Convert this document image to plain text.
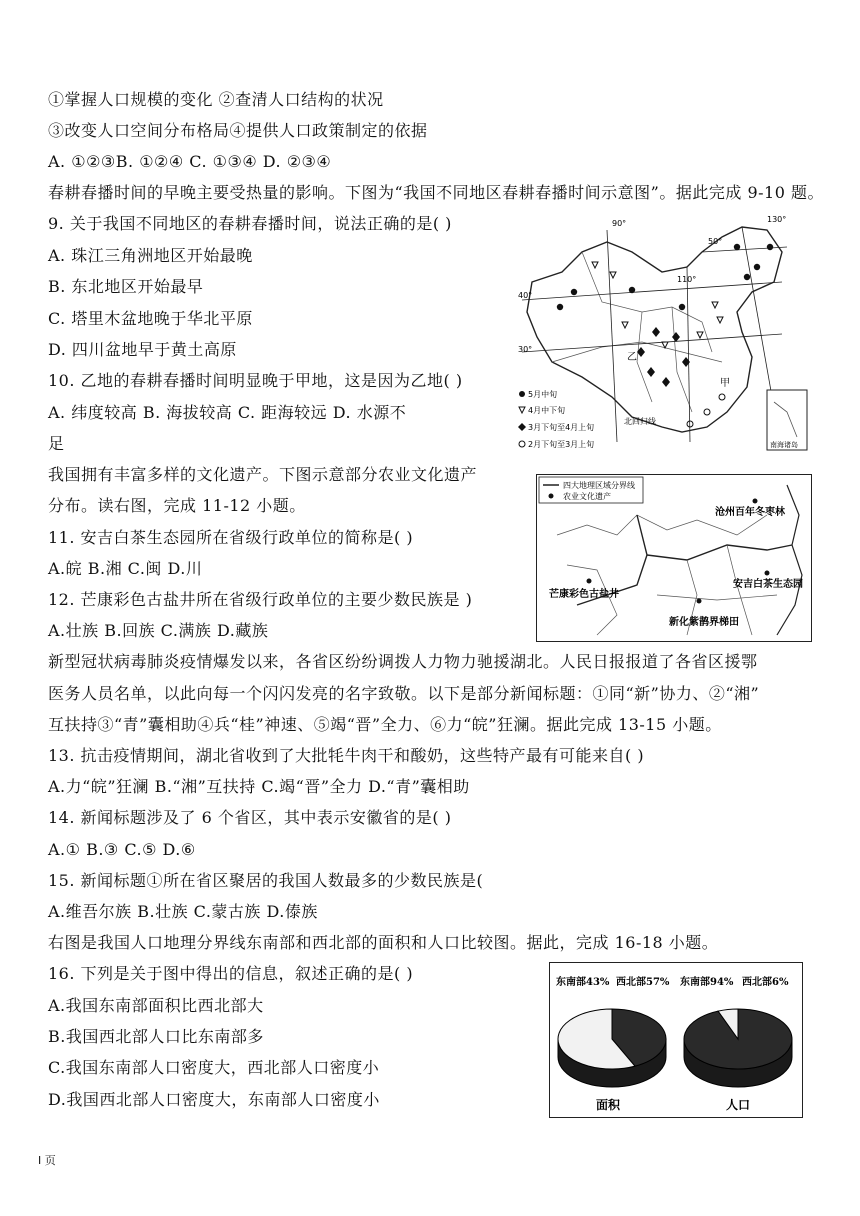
①掌握人口规模的变化 ②查清人口结构的状况
③改变人口空间分布格局④提供人口政策制定的依据
A. ①②③B. ①②④ C. ①③④ D. ②③④
春耕春播时间的早晚主要受热量的影响。下图为“我国不同地区春耕春播时间示意图”。据此完成 9-10 题。
9. 关于我国不同地区的春耕春播时间，说法正确的是( )
A. 珠江三角洲地区开始最晚
B. 东北地区开始最早
C. 塔里木盆地晚于华北平原
D. 四川盆地早于黄土高原
10. 乙地的春耕春播时间明显晚于甲地，这是因为乙地( )
A. 纬度较高 B. 海拔较高 C. 距海较远 D. 水源不
足
我国拥有丰富多样的文化遗产。下图示意部分农业文化遗产
分布。读右图，完成 11-12 小题。
11. 安吉白茶生态园所在省级行政单位的简称是( )
A.皖 B.湘 C.闽 D.川
12. 芒康彩色古盐井所在省级行政单位的主要少数民族是 )
A.壮族 B.回族 C.满族 D.藏族
新型冠状病毒肺炎疫情爆发以来，各省区纷纷调拨人力物力驰援湖北。人民日报报道了各省区援鄂
医务人员名单，以此向每一个闪闪发亮的名字致敬。以下是部分新闻标题：①同“新”协力、②“湘”
互扶持③“青”囊相助④兵“桂”神速、⑤竭“晋”全力、⑥力“皖”狂澜。据此完成 13-15 小题。
13. 抗击疫情期间，湖北省收到了大批牦牛肉干和酸奶，这些特产最有可能来自( )
A.力“皖”狂澜 B.“湘”互扶持 C.竭“晋”全力 D.“青”囊相助
14. 新闻标题涉及了 6 个省区，其中表示安徽省的是( )
A.① B.③ C.⑤ D.⑥
15. 新闻标题①所在省区聚居的我国人数最多的少数民族是(
A.维吾尔族 B.壮族 C.蒙古族 D.傣族
右图是我国人口地理分界线东南部和西北部的面积和人口比较图。据此，完成 16-18 小题。
16. 下列是关于图中得出的信息，叙述正确的是( )
A.我国东南部面积比西北部大
B.我国西北部人口比东南部多
C.我国东南部人口密度大，西北部人口密度小
D.我国西北部人口密度大，东南部人口密度小
90°
110°
130°
40°
30°
50°
乙
甲
北回归线
5月中旬
4月中下旬
3月下旬至4月上旬
2月下旬至3月上旬	南海诸岛
四大地理区域分界线
农业文化遗产
沧州百年冬枣林
芒康彩色古盐井
安吉白茶生态园
新化紫鹊界梯田
东南部43% 西北部57% 东南部94% 西北部6%
面积	人口
I 页
